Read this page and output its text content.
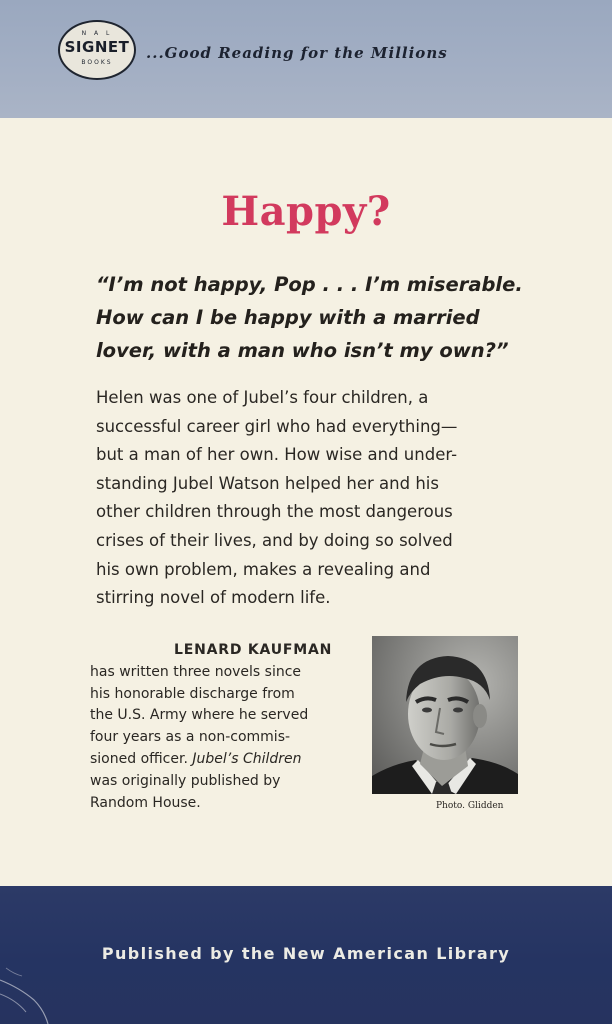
N A L
SIGNET
BOOKS
...Good Reading for the Millions
Happy?
“I’m not happy, Pop . . . I’m miserable.
How can I be happy with a married
lover, with a man who isn’t my own?”
Helen was one of Jubel’s four children, a
successful career girl who had everything—
but a man of her own. How wise and under-
standing Jubel Watson helped her and his
other children through the most dangerous
crises of their lives, and by doing so solved
his own problem, makes a revealing and
stirring novel of modern life.
LENARD KAUFMAN
has written three novels since
his honorable discharge from
the U.S. Army where he served
four years as a non-commis-
sioned officer. Jubel’s Children
was originally published by
Random House.	Photo. Glidden
Published by the New American Library
